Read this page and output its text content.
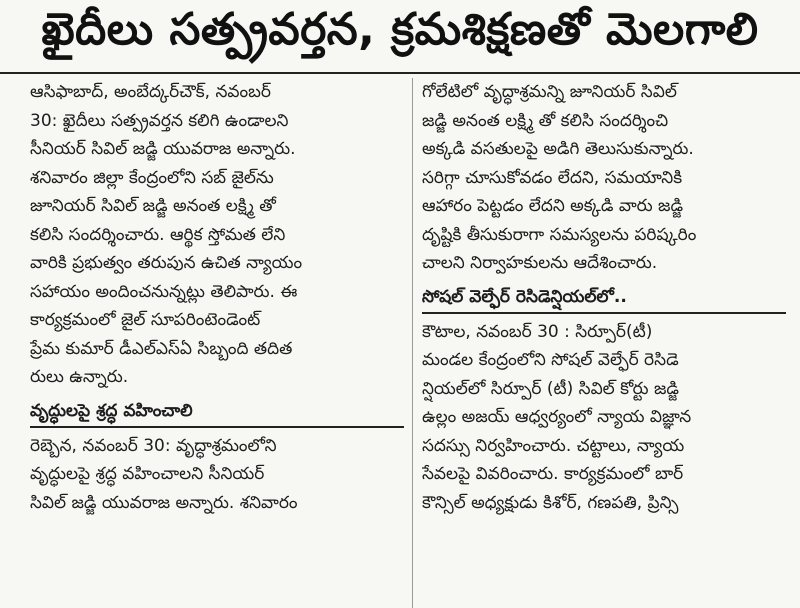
ఖైదీలు సత్ప్రవర్తన, క్రమశిక్షణతో మెలగాలి

ఆసిఫాబాద్, అంబేద్కర్‌చౌక్, నవంబర్

30: ఖైదీలు సత్ప్రవర్తన కలిగి ఉండాలని

సీనియర్ సివిల్ జడ్జి యువరాజ అన్నారు.

శనివారం జిల్లా కేంద్రంలోని సబ్ జైల్‌ను

జూనియర్ సివిల్ జడ్జి అనంత లక్ష్మి తో

కలిసి సందర్శించారు. ఆర్థిక స్తోమత లేని

వారికి ప్రభుత్వం తరుపున ఉచిత న్యాయం

సహాయం అందించనున్నట్లు తెలిపారు. ఈ

కార్యక్రమంలో జైల్ సూపరింటెండెంట్

ప్రేమ కుమార్ డీఎల్‌ఎస్‌ఏ సిబ్బంది తదిత

రులు ఉన్నారు.

వృద్ధులపై శ్రద్ధ వహించాలి

రెబ్బెన, నవంబర్ 30: వృద్ధాశ్రమంలోని

వృద్ధులపై శ్రద్ధ వహించాలని సీనియర్

సివిల్ జడ్జి యువరాజ అన్నారు. శనివారం

గోలేటిలో వృద్ధాశ్రమన్ని జూనియర్ సివిల్

జడ్జి అనంత లక్ష్మి తో కలిసి సందర్శించి

అక్కడి వసతులపై అడిగి తెలుసుకున్నారు.

సరిగ్గా చూసుకోవడం లేదని, సమయానికి

ఆహారం పెట్టడం లేదని అక్కడి వారు జడ్జి

దృష్టికి తీసుకురాగా సమస్యలను పరిష్కరిం

చాలని నిర్వాహకులను ఆదేశించారు.

సోషల్ వెల్ఫేర్ రెసిడెన్షియల్‌లో..

కౌటాల, నవంబర్ 30 : సిర్పూర్(టీ)

మండల కేంద్రంలోని సోషల్ వెల్ఫేర్ రెసిడె

న్షియల్‌లో సిర్పూర్ (టీ) సివిల్ కోర్టు జడ్జి

ఉల్లం అజయ్ ఆధ్వర్యంలో న్యాయ విజ్ఞాన

సదస్సు నిర్వహించారు. చట్టాలు, న్యాయ

సేవలపై వివరించారు. కార్యక్రమంలో బార్

కౌన్సిల్ అధ్యక్షుడు కిశోర్, గణపతి, ప్రిన్సి
